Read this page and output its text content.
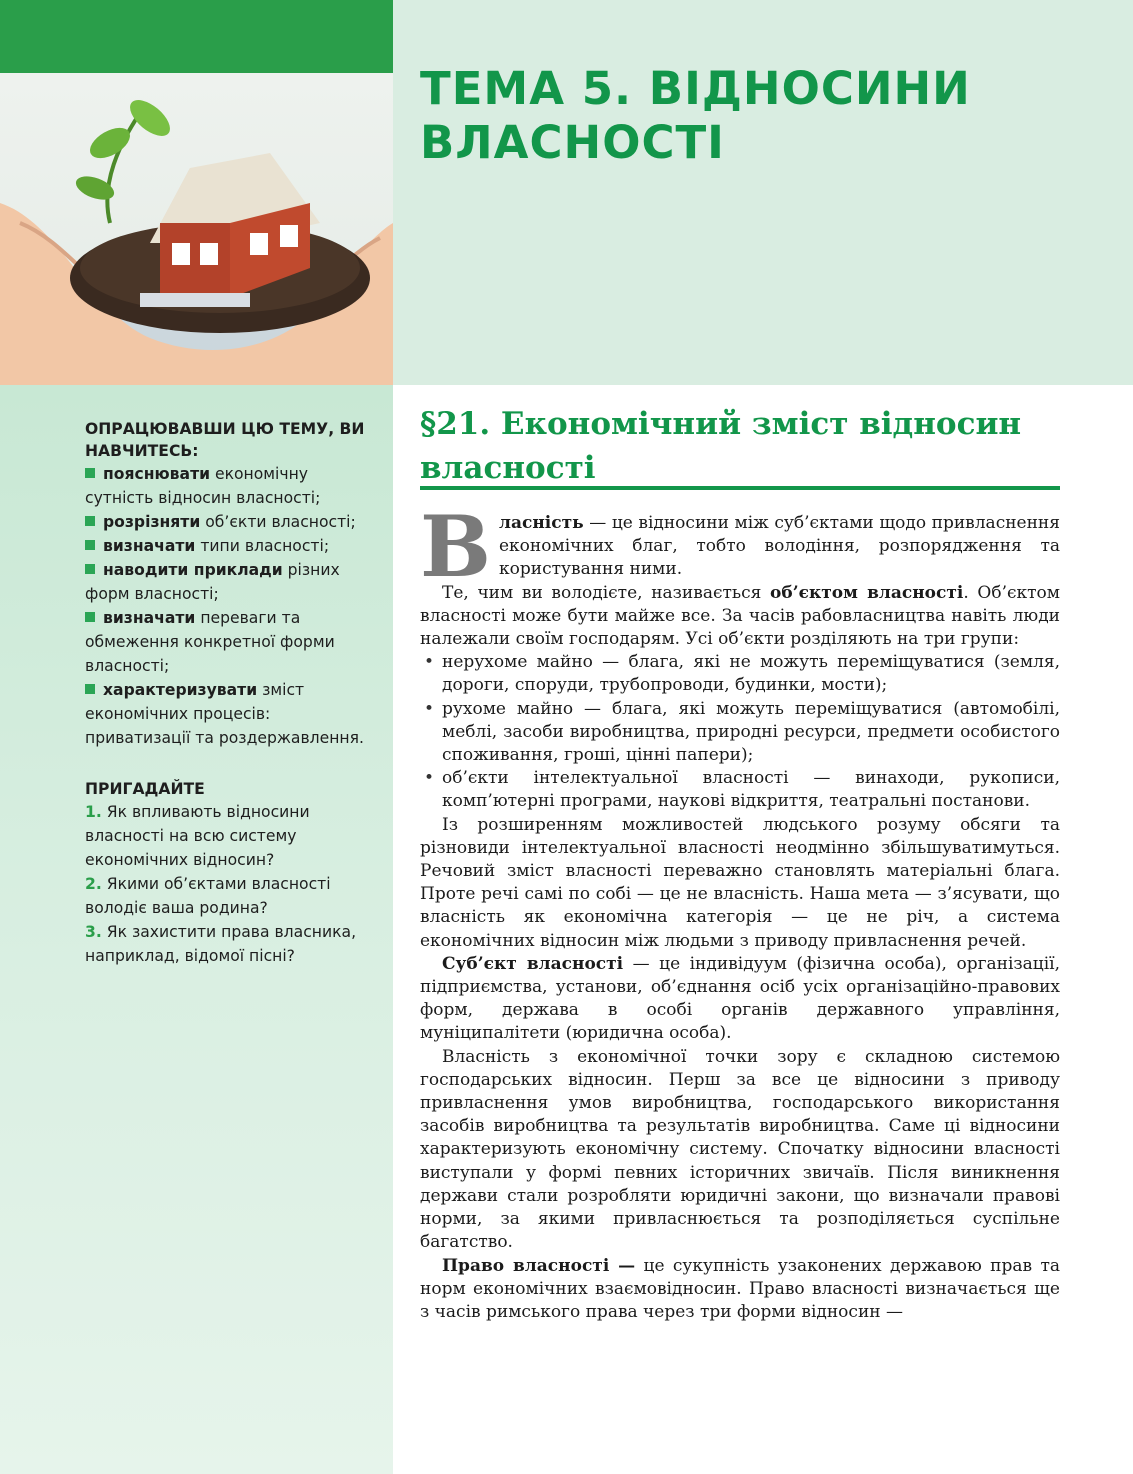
ТЕМА 5. ВІДНОСИНИ ВЛАСНОСТІ

ОПРАЦЮВАВШИ ЦЮ ТЕМУ, ВИ НАВЧИТЕСЬ:

пояснювати економічну сутність відносин власності;

розрізняти об’єкти власності;

визначати типи власності;

наводити приклади різних форм власності;

визначати переваги та обмеження конкретної форми власності;

характеризувати зміст економічних процесів: приватизації та роздержавлення.

ПРИГАДАЙТЕ

1. Як впливають відносини власності на всю систему економічних відносин?

2. Якими об’єктами власності володіє ваша родина?

3. Як захистити права власника, наприклад, відомої пісні?

§21. Економічний зміст відносин власності

Власність — це відносини між суб’єктами щодо привласнення економічних благ, тобто володіння, розпорядження та користування ними.

Те, чим ви володієте, називається об’єктом власності. Об’єктом власності може бути майже все. За часів рабовласництва навіть люди належали своїм господарям. Усі об’єкти розділяють на три групи:

• нерухоме майно — блага, які не можуть переміщуватися (земля, дороги, споруди, трубопроводи, будинки, мости);
• рухоме майно — блага, які можуть переміщуватися (автомобілі, меблі, засоби виробництва, природні ресурси, предмети особистого споживання, гроші, цінні папери);
• об’єкти інтелектуальної власності — винаходи, рукописи, комп’ютерні програми, наукові відкриття, театральні постанови.

Із розширенням можливостей людського розуму обсяги та різновиди інтелектуальної власності неодмінно збільшуватимуться. Речовий зміст власності переважно становлять матеріальні блага. Проте речі самі по собі — це не власність. Наша мета — з’ясувати, що власність як економічна категорія — це не річ, а система економічних відносин між людьми з приводу привласнення речей.

Суб’єкт власності — це індивідуум (фізична особа), організації, підприємства, установи, об’єднання осіб усіх організаційно-правових форм, держава в особі органів державного управління, муніципалітети (юридична особа).

Власність з економічної точки зору є складною системою господарських відносин. Перш за все це відносини з приводу привласнення умов виробництва, господарського використання засобів виробництва та результатів виробництва. Саме ці відносини характеризують економічну систему. Спочатку відносини власності виступали у формі певних історичних звичаїв. Після виникнення держави стали розробляти юридичні закони, що визначали правові норми, за якими привласнюється та розподіляється суспільне багатство.

Право власності — це сукупність узаконених державою прав та норм економічних взаємовідносин. Право власності визначається ще з часів римського права через три форми відносин —
